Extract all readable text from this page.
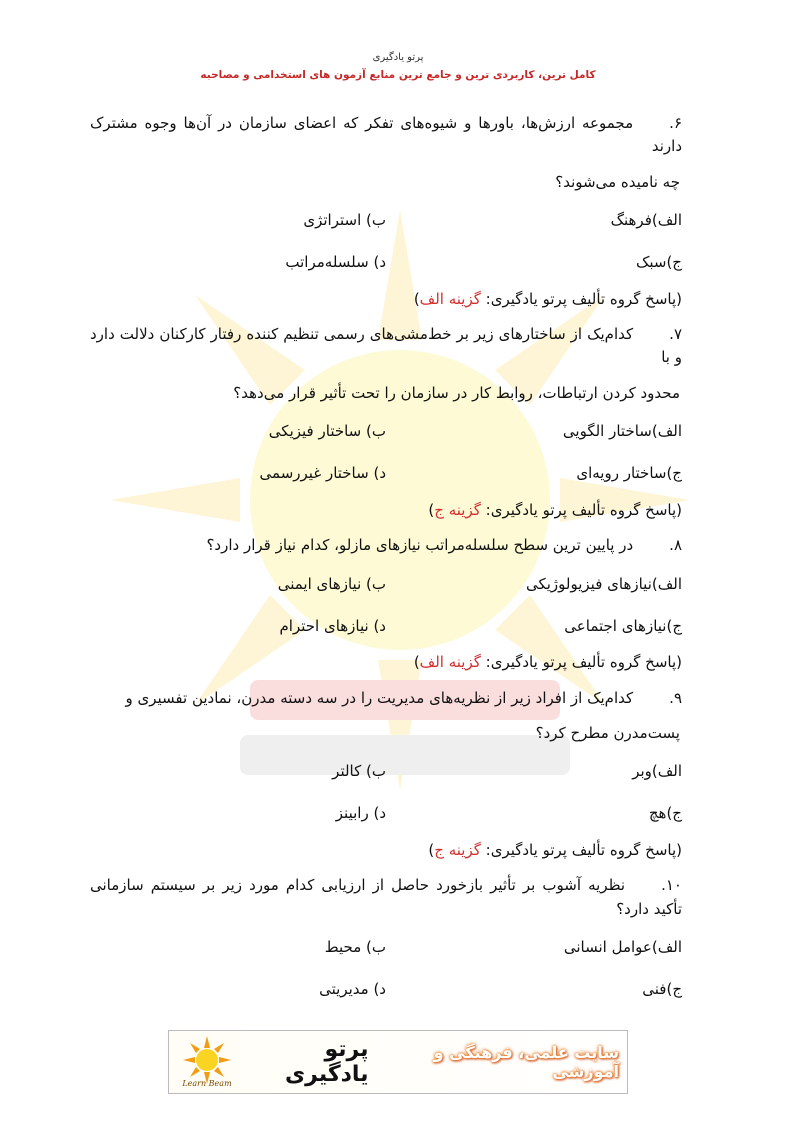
پرتو یادگیری
کامل ترین، کاربردی ترین و جامع ترین منابع آزمون های استخدامی و مصاحبه

۶.مجموعه ارزش‌ها، باورها و شیوه‌های تفکر که اعضای سازمان در آن‌ها وجوه مشترک دارند

چه نامیده می‌شوند؟
الف)فرهنگ
ب) استراتژی
ج)سبک
د) سلسله‌مراتب
(پاسخ گروه تألیف پرتو یادگیری: گزینه الف)

۷.کدام‌یک از ساختارهای زیر بر خط‌مشی‌های رسمی تنظیم کننده رفتار کارکنان دلالت دارد و با

محدود کردن ارتباطات، روابط کار در سازمان را تحت تأثیر قرار می‌دهد؟
الف)ساختار الگویی
ب) ساختار فیزیکی
ج)ساختار رویه‌ای
د) ساختار غیررسمی
(پاسخ گروه تألیف پرتو یادگیری: گزینه ج)

۸.در پایین ترین سطح سلسله‌مراتب نیازهای مازلو، کدام نیاز قرار دارد؟

الف)نیازهای فیزیولوژیکی
ب) نیازهای ایمنی
ج)نیازهای اجتماعی
د) نیازهای احترام
(پاسخ گروه تألیف پرتو یادگیری: گزینه الف)

۹.کدام‌یک از افراد زیر از نظریه‌های مدیریت را در سه دسته مدرن، نمادین تفسیری و

پست‌مدرن مطرح کرد؟
الف)وبر
ب) کالتر
ج)هچ
د) رابینز
(پاسخ گروه تألیف پرتو یادگیری: گزینه ج)

۱۰.نظریه آشوب بر تأثیر بازخورد حاصل از ارزیابی کدام مورد زیر بر سیستم سازمانی تأکید دارد؟

الف)عوامل انسانی
ب) محیط
ج)فنی
د) مدیریتی
Learn Beam
پرتو یادگیری
سایت علمی، فرهنگی و آموزشی
